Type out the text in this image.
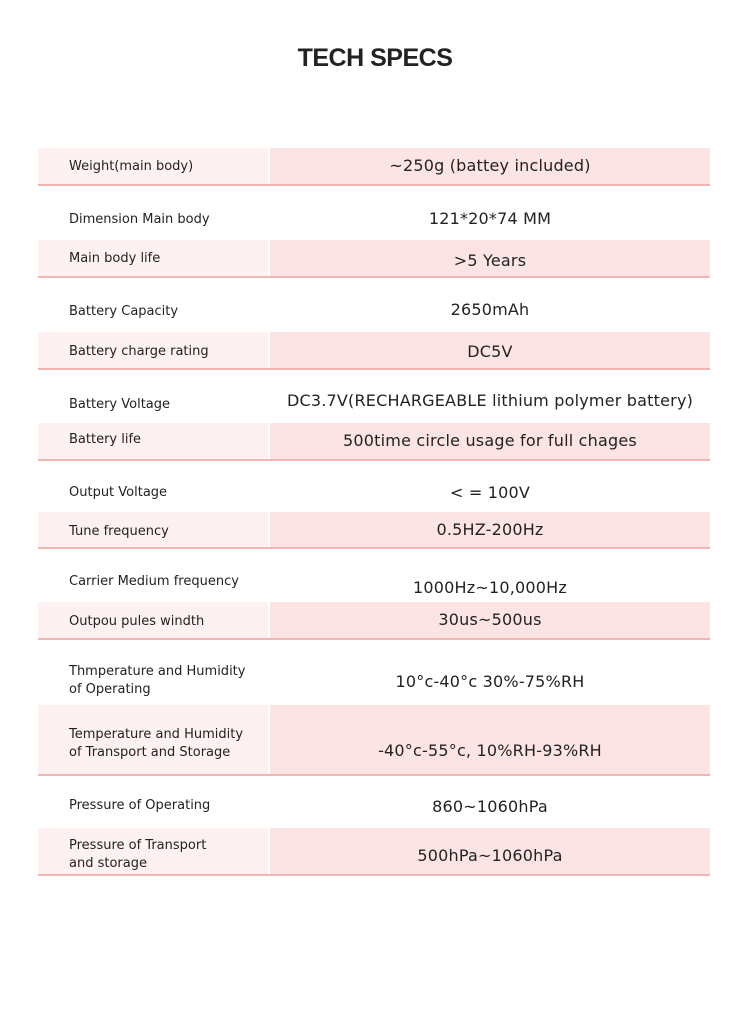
TECH SPECS
Weight(main body)	~250g (battey included)
Dimension Main body	121*20*74 MM
Main body life	>5 Years
Battery Capacity	2650mAh
Battery charge rating	DC5V
Battery Voltage	DC3.7V(RECHARGEABLE lithium polymer battery)
Battery life	500time circle usage for full chages
Output Voltage	< = 100V
Tune frequency	0.5HZ-200Hz
Carrier Medium frequency	1000Hz~10,000Hz
Outpou pules windth	30us~500us
Thmperature and Humidity
of Operating	10°c-40°c 30%-75%RH
Temperature and Humidity
of Transport and Storage	-40°c-55°c, 10%RH-93%RH
Pressure of Operating	860~1060hPa
Pressure of Transport
and storage	500hPa~1060hPa
